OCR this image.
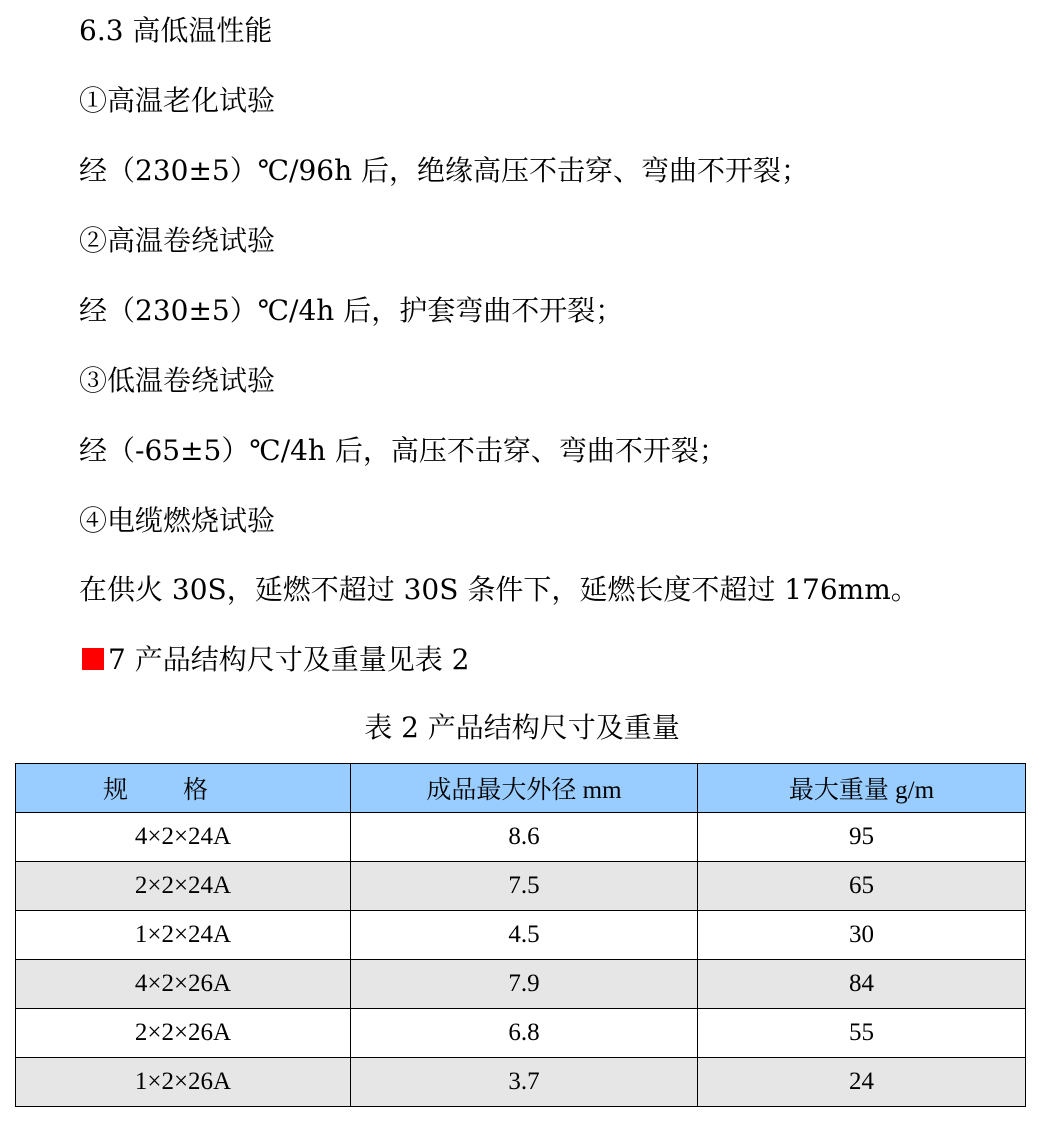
6.3 高低温性能
①高温老化试验
经（230±5）℃/96h 后，绝缘高压不击穿、弯曲不开裂；
②高温卷绕试验
经（230±5）℃/4h 后，护套弯曲不开裂；
③低温卷绕试验
经（-65±5）℃/4h 后，高压不击穿、弯曲不开裂；
④电缆燃烧试验
在供火 30S，延燃不超过 30S 条件下，延燃长度不超过 176mm。
7 产品结构尺寸及重量见表 2
表 2 产品结构尺寸及重量
规格	成品最大外径 mm	最大重量 g/m
4×2×24A	8.6	95
2×2×24A	7.5	65
1×2×24A	4.5	30
4×2×26A	7.9	84
2×2×26A	6.8	55
1×2×26A	3.7	24
